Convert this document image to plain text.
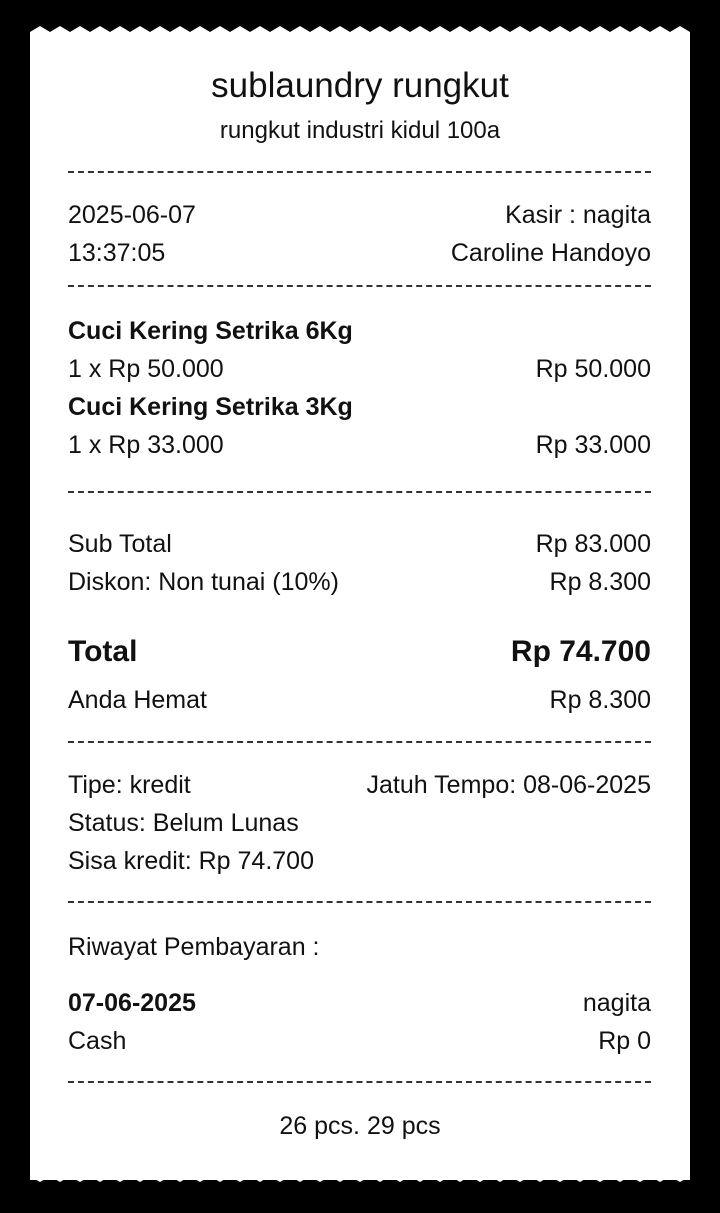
sublaundry rungkut
rungkut industri kidul 100a
2025-06-07	Kasir : nagita
13:37:05	Caroline Handoyo
Cuci Kering Setrika 6Kg
1 x Rp 50.000	Rp 50.000
Cuci Kering Setrika 3Kg
1 x Rp 33.000	Rp 33.000
Sub Total	Rp 83.000
Diskon: Non tunai (10%)	Rp 8.300
Total	Rp 74.700
Anda Hemat	Rp 8.300
Tipe: kredit	Jatuh Tempo: 08-06-2025
Status: Belum Lunas
Sisa kredit: Rp 74.700
Riwayat Pembayaran :
07-06-2025	nagita
Cash	Rp 0
26 pcs. 29 pcs
